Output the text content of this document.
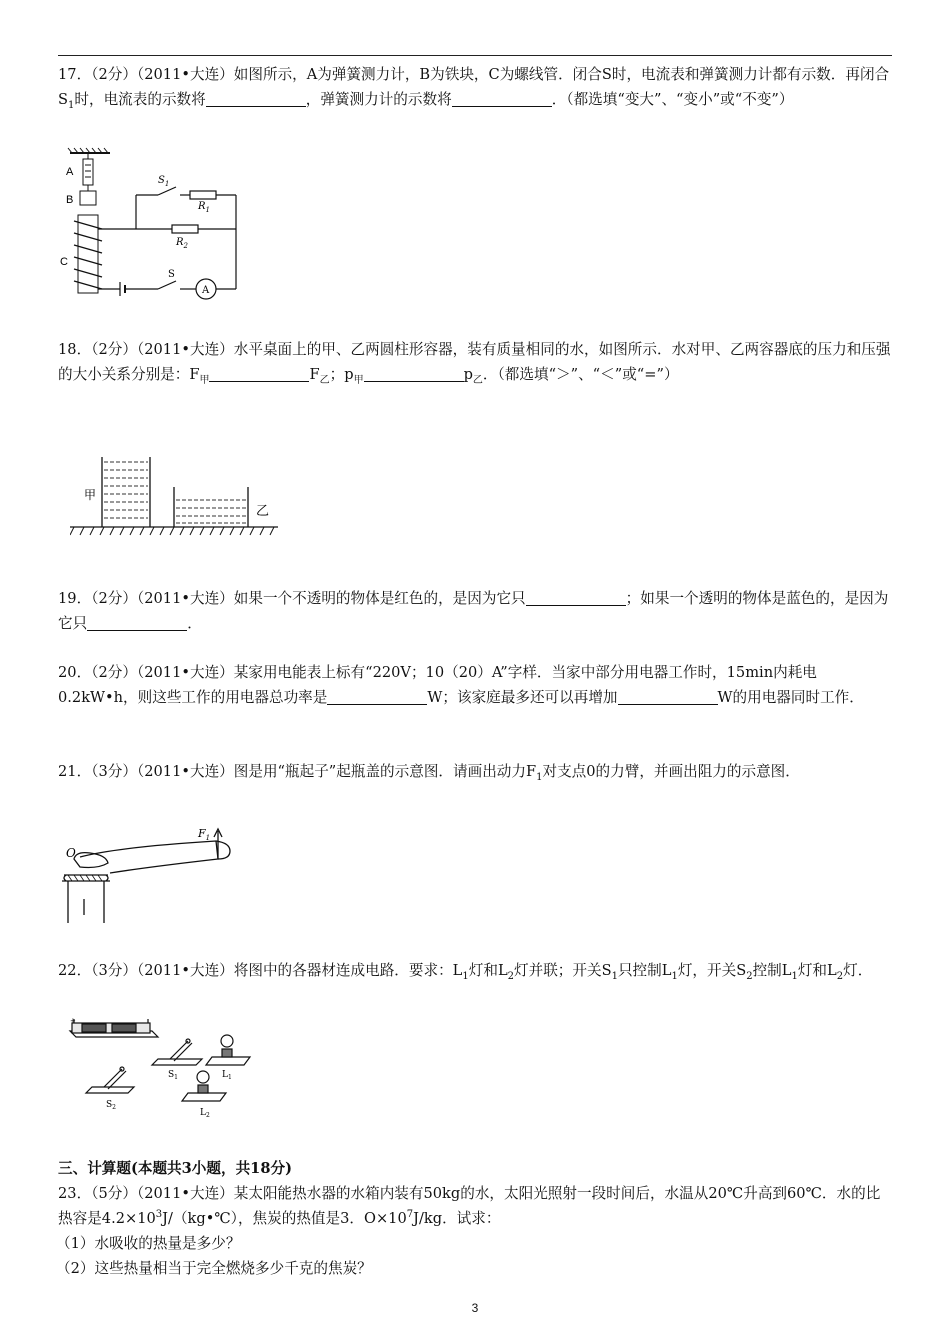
17．（2分）（2011•大连）如图所示，A为弹簧测力计，B为铁块，C为螺线管．闭合S时，电流表和弹簧测力计都有示数．再闭合$S_1$时，电流表的示数将	，弹簧测力计的示数将	．（都选填“变大”、“变小”或“不变”）
A
B
C
$S_1$
$R_1$
$R_2$
S
A
18．（2分）（2011•大连）水平桌面上的甲、乙两圆柱形容器，装有质量相同的水，如图所示．水对甲、乙两容器底的压力和压强的大小关系分别是：$F_甲$	$F_乙$；$p_甲$	$p_乙$．（都选填“＞”、“＜”或“=”）
甲
乙
19．（2分）（2011•大连）如果一个不透明的物体是红色的，是因为它只	；如果一个透明的物体是蓝色的，是因为它只	．
20．（2分）（2011•大连）某家用电能表上标有“220V；10（20）A”字样．当家中部分用电器工作时，15min内耗电0.2kW•h，则这些工作的用电器总功率是	W；该家庭最多还可以再增加	W的用电器同时工作．
21．（3分）（2011•大连）图是用“瓶起子”起瓶盖的示意图．请画出动力$F_1$对支点0的力臂，并画出阻力的示意图．
O
$F_1$
22．（3分）（2011•大连）将图中的各器材连成电路．要求：$L_1$灯和$L_2$灯并联；开关$S_1$只控制$L_1$灯，开关$S_2$控制$L_1$灯和$L_2$灯．
+
$S_1$	$L_1$
$S_2$
$L_2$
三、计算题(本题共3小题，共18分)
23．（5分）（2011•大连）某太阳能热水器的水箱内装有50kg的水，太阳光照射一段时间后，水温从20℃升高到60℃．水的比热容是$4.2\times 10^3J/(kg•℃)$，焦炭的热值是3．$O\times 10^7J/kg$．试求：
（1）水吸收的热量是多少？
（2）这些热量相当于完全燃烧多少千克的焦炭？
3
